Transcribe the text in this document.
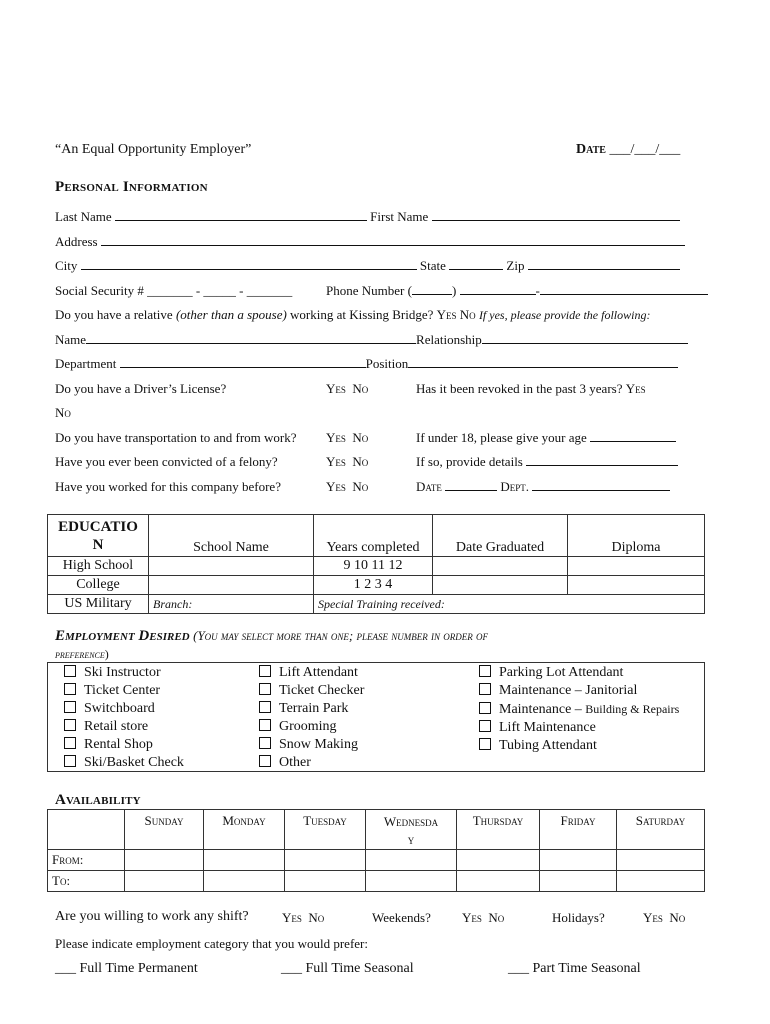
“An Equal Opportunity Employer”	Date ___/___/___
Personal Information
Last Name	First Name
Address
City	State	Zip
Social Security # _______ - _____ - _______	Phone Number (	)	-
Do you have a relative (other than a spouse) working at Kissing Bridge? Yes No If yes, please provide the following:
Name	Relationship
Department	Position
Do you have a Driver’s License?	Yes No	Has it been revoked in the past 3 years? Yes
No
Do you have transportation to and from work? Yes No	If under 18, please give your age
Have you ever been convicted of a felony?	Yes No	If so, provide details
Have you worked for this company before?	Yes No	Date	Dept.
EDUCATIO
N	School Name	Years completed	Date Graduated	Diploma
High School		9 10 11 12		
College		1 2 3 4		
US Military	Branch:	Special Training received:		
Employment Desired (You may select more than one; please number in order of
preference)
Ski Instructor
Ticket Center
Switchboard
Retail store
Rental Shop
Ski/Basket Check
Lift Attendant
Ticket Checker
Terrain Park
Grooming
Snow Making
Other
Parking Lot Attendant
Maintenance – Janitorial
Maintenance – Building & Repairs
Lift Maintenance
Tubing Attendant
Availability
	Sunday	Monday	Tuesday	Wednesda
y	Thursday	Friday	Saturday
From:							
To:							
Are you willing to work any shift?	Yes No	Weekends? Yes No	Holidays?	Yes No
Please indicate employment category that you would prefer:
___ Full Time Permanent	___ Full Time Seasonal	___ Part Time Seasonal
